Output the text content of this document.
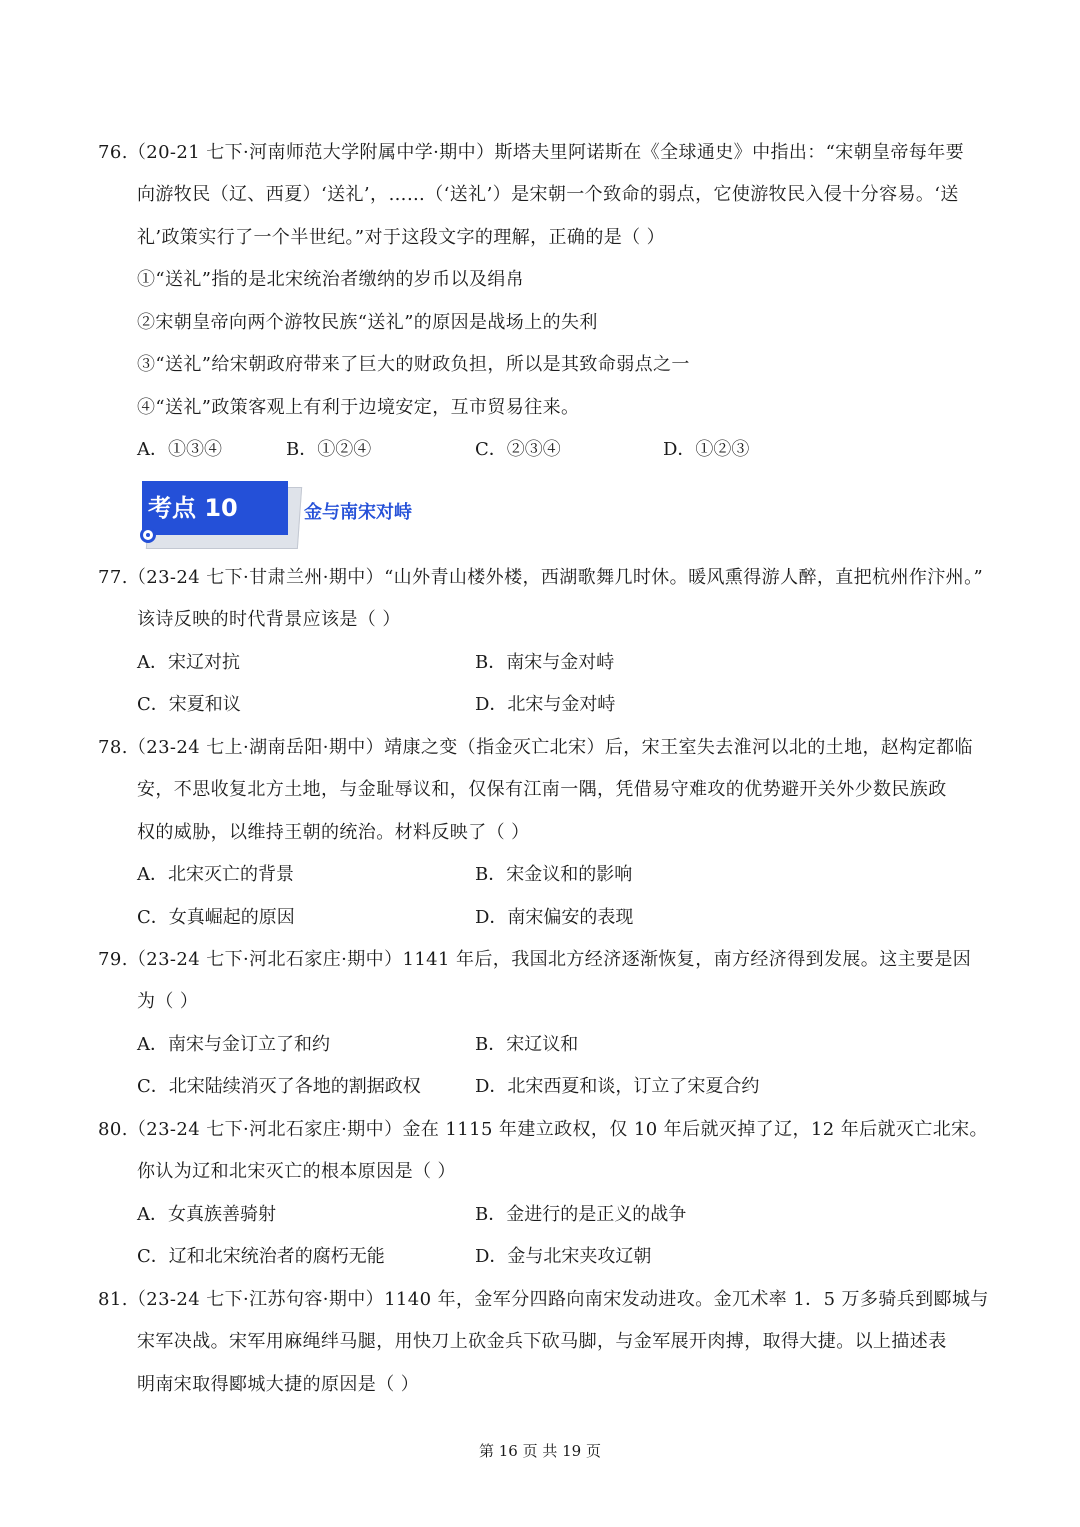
76.（20-21 七下·河南师范大学附属中学·期中）斯塔夫里阿诺斯在《全球通史》中指出：“宋朝皇帝每年要
向游牧民（辽、西夏）‘送礼’，……（‘送礼’）是宋朝一个致命的弱点，它使游牧民入侵十分容易。‘送
礼’政策实行了一个半世纪。”对于这段文字的理解，正确的是（ ）
①“送礼”指的是北宋统治者缴纳的岁币以及绢帛
②宋朝皇帝向两个游牧民族“送礼”的原因是战场上的失利
③“送礼”给宋朝政府带来了巨大的财政负担，所以是其致命弱点之一
④“送礼”政策客观上有利于边境安定，互市贸易往来。
A．①③④	B．①②④	C．②③④	D．①②③
考点 10	金与南宋对峙
77.（23-24 七下·甘肃兰州·期中）“山外青山楼外楼，西湖歌舞几时休。暖风熏得游人醉，直把杭州作汴州。”
该诗反映的时代背景应该是（ ）
A．宋辽对抗	B．南宋与金对峙
C．宋夏和议	D．北宋与金对峙
78.（23-24 七上·湖南岳阳·期中）靖康之变（指金灭亡北宋）后，宋王室失去淮河以北的土地，赵构定都临
安，不思收复北方土地，与金耻辱议和，仅保有江南一隅，凭借易守难攻的优势避开关外少数民族政
权的威胁，以维持王朝的统治。材料反映了（ ）
A．北宋灭亡的背景	B．宋金议和的影响
C．女真崛起的原因	D．南宋偏安的表现
79.（23-24 七下·河北石家庄·期中）1141 年后，我国北方经济逐渐恢复，南方经济得到发展。这主要是因
为（ ）
A．南宋与金订立了和约	B．宋辽议和
C．北宋陆续消灭了各地的割据政权	D．北宋西夏和谈，订立了宋夏合约
80.（23-24 七下·河北石家庄·期中）金在 1115 年建立政权，仅 10 年后就灭掉了辽，12 年后就灭亡北宋。
你认为辽和北宋灭亡的根本原因是（ ）
A．女真族善骑射	B．金进行的是正义的战争
C．辽和北宋统治者的腐朽无能	D．金与北宋夹攻辽朝
81.（23-24 七下·江苏句容·期中）1140 年，金军分四路向南宋发动进攻。金兀术率 1．5 万多骑兵到郾城与
宋军决战。宋军用麻绳绊马腿，用快刀上砍金兵下砍马脚，与金军展开肉搏，取得大捷。以上描述表
明南宋取得郾城大捷的原因是（ ）
第 16 页 共 19 页
